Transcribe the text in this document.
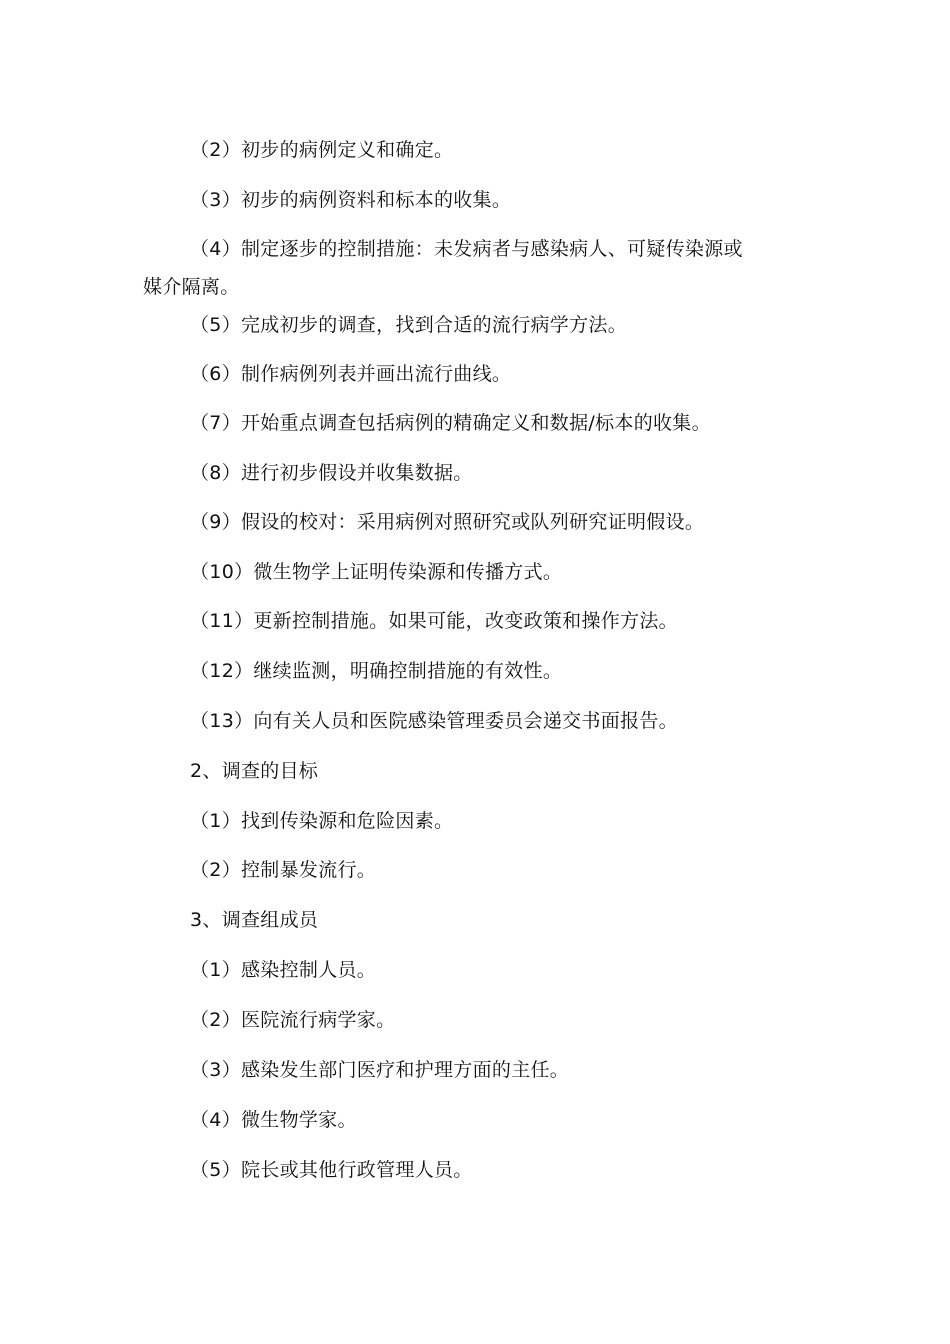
（2）初步的病例定义和确定。
（3）初步的病例资料和标本的收集。
（4）制定逐步的控制措施：未发病者与感染病人、可疑传染源或
媒介隔离。
（5）完成初步的调查，找到合适的流行病学方法。
（6）制作病例列表并画出流行曲线。
（7）开始重点调查包括病例的精确定义和数据/标本的收集。
（8）进行初步假设并收集数据。
（9）假设的校对：采用病例对照研究或队列研究证明假设。
（10）微生物学上证明传染源和传播方式。
（11）更新控制措施。如果可能，改变政策和操作方法。
（12）继续监测，明确控制措施的有效性。
（13）向有关人员和医院感染管理委员会递交书面报告。
2、调查的目标
（1）找到传染源和危险因素。
（2）控制暴发流行。
3、调查组成员
（1）感染控制人员。
（2）医院流行病学家。
（3）感染发生部门医疗和护理方面的主任。
（4）微生物学家。
（5）院长或其他行政管理人员。
